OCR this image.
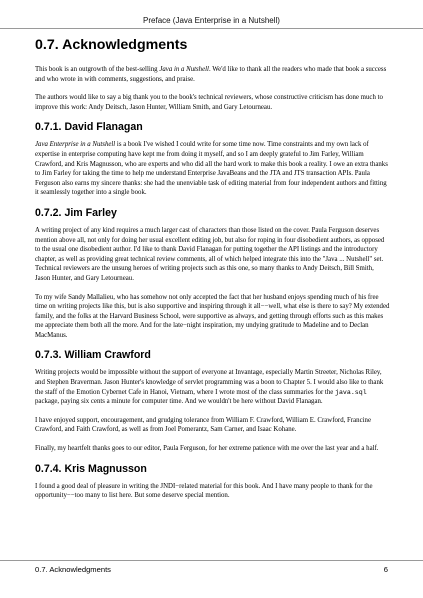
Preface (Java Enterprise in a Nutshell)
0.7. Acknowledgments

This book is an outgrowth of the best-selling Java in a Nutshell. We'd like to thank all the readers who made that book a success and who wrote in with comments, suggestions, and praise.

The authors would like to say a big thank you to the book's technical reviewers, whose constructive criticism has done much to improve this work: Andy Deitsch, Jason Hunter, William Smith, and Gary Letourneau.

0.7.1. David Flanagan

Java Enterprise in a Nutshell is a book I've wished I could write for some time now. Time constraints and my own lack of expertise in enterprise computing have kept me from doing it myself, and so I am deeply grateful to Jim Farley, William Crawford, and Kris Magnusson, who are experts and who did all the hard work to make this book a reality. I owe an extra thanks to Jim Farley for taking the time to help me understand Enterprise JavaBeans and the JTA and JTS transaction APIs. Paula Ferguson also earns my sincere thanks: she had the unenviable task of editing material from four independent authors and fitting it seamlessly together into a single book.

0.7.2. Jim Farley

A writing project of any kind requires a much larger cast of characters than those listed on the cover. Paula Ferguson deserves mention above all, not only for doing her usual excellent editing job, but also for roping in four disobedient authors, as opposed to the usual one disobedient author. I'd like to thank David Flanagan for putting together the API listings and the introductory chapter, as well as providing great technical review comments, all of which helped integrate this into the "Java ... Nutshell" set. Technical reviewers are the unsung heroes of writing projects such as this one, so many thanks to Andy Deitsch, Bill Smith, Jason Hunter, and Gary Letourneau.

To my wife Sandy Mallalieu, who has somehow not only accepted the fact that her husband enjoys spending much of his free time on writing projects like this, but is also supportive and inspiring through it all−−well, what else is there to say? My extended family, and the folks at the Harvard Business School, were supportive as always, and getting through efforts such as this makes me appreciate them both all the more. And for the late−night inspiration, my undying gratitude to Madeline and to Declan MacManus.

0.7.3. William Crawford

Writing projects would be impossible without the support of everyone at Invantage, especially Martin Streeter, Nicholas Riley, and Stephen Braverman. Jason Hunter's knowledge of servlet programming was a boon to Chapter 5. I would also like to thank the staff of the Emotion Cybernet Cafe in Hanoi, Vietnam, where I wrote most of the class summaries for the java.sql package, paying six cents a minute for computer time. And we wouldn't be here without David Flanagan.

I have enjoyed support, encouragement, and grudging tolerance from William F. Crawford, William E. Crawford, Francine Crawford, and Faith Crawford, as well as from Joel Pomerantz, Sam Carner, and Isaac Kohane.

Finally, my heartfelt thanks goes to our editor, Paula Ferguson, for her extreme patience with me over the last year and a half.

0.7.4. Kris Magnusson

I found a good deal of pleasure in writing the JNDI−related material for this book. And I have many people to thank for the opportunity−−too many to list here. But some deserve special mention.

0.7. Acknowledgments	6
